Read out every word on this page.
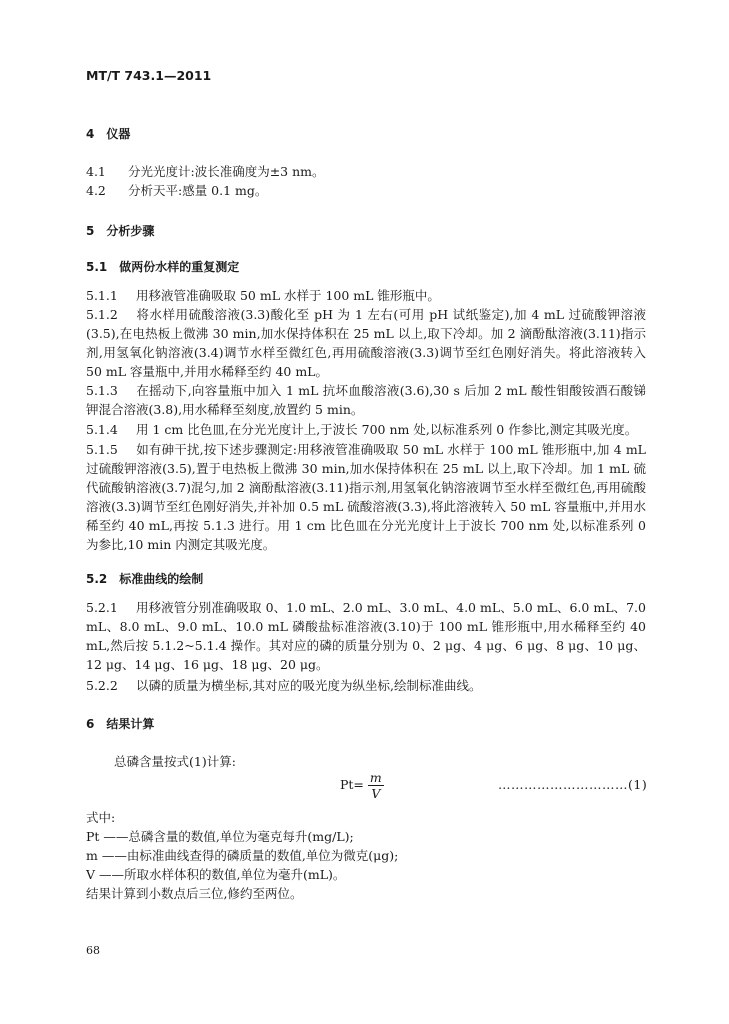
MT/T 743.1—2011
4　仪器
4.1 分光光度计:波长准确度为±3 nm。
4.2 分析天平:感量 0.1 mg。
5　分析步骤
5.1　做两份水样的重复测定
5.1.1 用移液管准确吸取 50 mL 水样于 100 mL 锥形瓶中。
5.1.2 将水样用硫酸溶液(3.3)酸化至 pH 为 1 左右(可用 pH 试纸鉴定),加 4 mL 过硫酸钾溶液(3.5),在电热板上微沸 30 min,加水保持体积在 25 mL 以上,取下冷却。加 2 滴酚酞溶液(3.11)指示剂,用氢氧化钠溶液(3.4)调节水样至微红色,再用硫酸溶液(3.3)调节至红色刚好消失。将此溶液转入 50 mL 容量瓶中,并用水稀释至约 40 mL。
5.1.3 在摇动下,向容量瓶中加入 1 mL 抗坏血酸溶液(3.6),30 s 后加 2 mL 酸性钼酸铵酒石酸锑钾混合溶液(3.8),用水稀释至刻度,放置约 5 min。
5.1.4 用 1 cm 比色皿,在分光光度计上,于波长 700 nm 处,以标准系列 0 作参比,测定其吸光度。
5.1.5 如有砷干扰,按下述步骤测定:用移液管准确吸取 50 mL 水样于 100 mL 锥形瓶中,加 4 mL 过硫酸钾溶液(3.5),置于电热板上微沸 30 min,加水保持体积在 25 mL 以上,取下冷却。加 1 mL 硫代硫酸钠溶液(3.7)混匀,加 2 滴酚酞溶液(3.11)指示剂,用氢氧化钠溶液调节至水样至微红色,再用硫酸溶液(3.3)调节至红色刚好消失,并补加 0.5 mL 硫酸溶液(3.3),将此溶液转入 50 mL 容量瓶中,并用水稀至约 40 mL,再按 5.1.3 进行。用 1 cm 比色皿在分光光度计上于波长 700 nm 处,以标准系列 0 为参比,10 min 内测定其吸光度。
5.2　标准曲线的绘制
5.2.1 用移液管分别准确吸取 0、1.0 mL、2.0 mL、3.0 mL、4.0 mL、5.0 mL、6.0 mL、7.0 mL、8.0 mL、9.0 mL、10.0 mL 磷酸盐标准溶液(3.10)于 100 mL 锥形瓶中,用水稀释至约 40 mL,然后按 5.1.2~5.1.4 操作。其对应的磷的质量分别为 0、2 μg、4 μg、6 μg、8 μg、10 μg、12 μg、14 μg、16 μg、18 μg、20 μg。
5.2.2 以磷的质量为横坐标,其对应的吸光度为纵坐标,绘制标准曲线。
6　结果计算
总磷含量按式(1)计算:
$Pt= \frac{m}{V}$	…………………………(1)
式中:
Pt ——总磷含量的数值,单位为毫克每升(mg/L);
m ——由标准曲线查得的磷质量的数值,单位为微克(μg);
V ——所取水样体积的数值,单位为毫升(mL)。
结果计算到小数点后三位,修约至两位。
68
